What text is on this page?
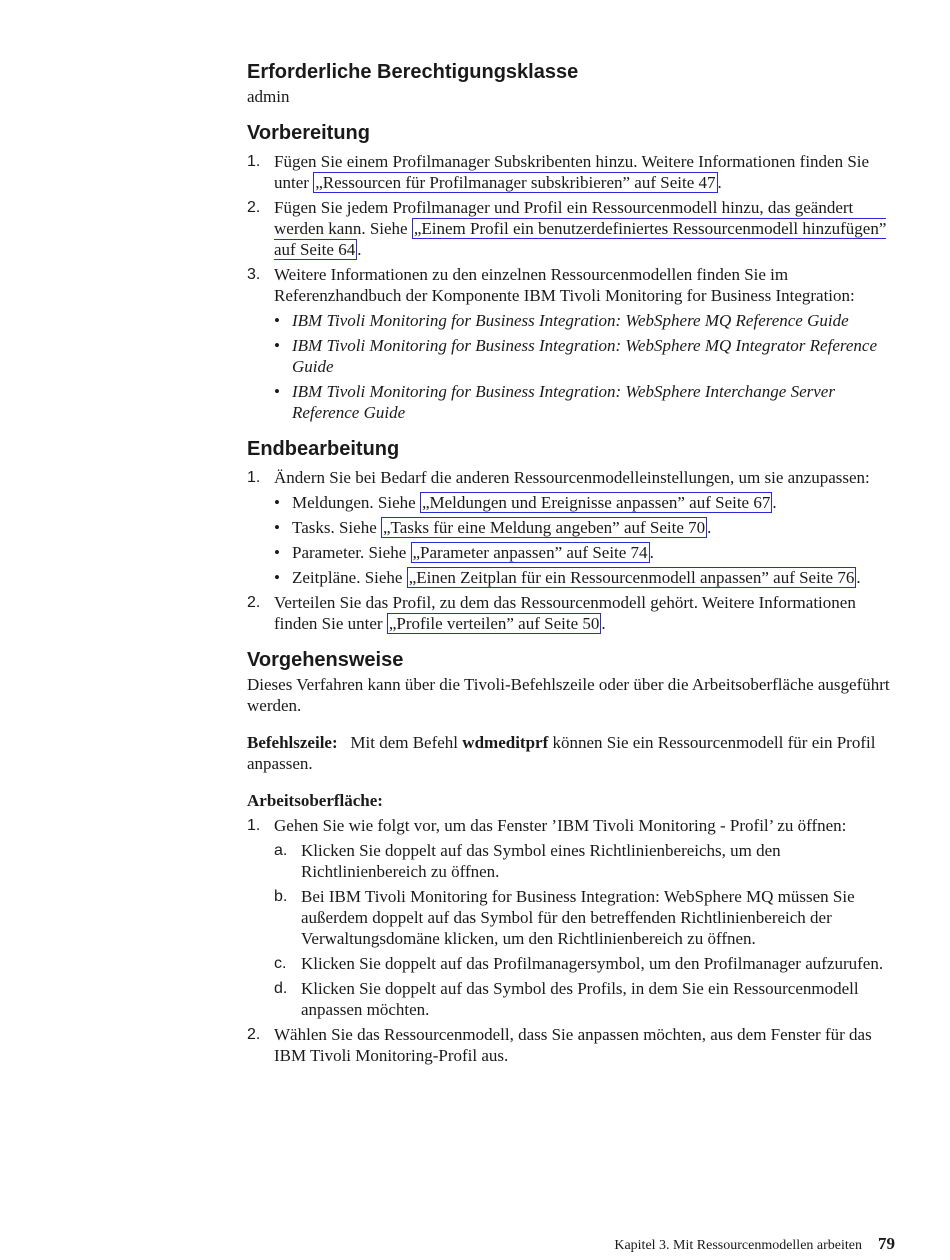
Erforderliche Berechtigungsklasse

admin

Vorbereitung
1. Fügen Sie einem Profilmanager Subskribenten hinzu. Weitere Informationen finden Sie unter „Ressourcen für Profilmanager subskribieren” auf Seite 47 .
2. Fügen Sie jedem Profilmanager und Profil ein Ressourcenmodell hinzu, das geändert werden kann. Siehe „Einem Profil ein benutzerdefiniertes Ressourcenmodell hinzufügen” auf Seite 64 .
3. Weitere Informationen zu den einzelnen Ressourcenmodellen finden Sie im Referenzhandbuch der Komponente IBM Tivoli Monitoring for Business Integration:
• IBM Tivoli Monitoring for Business Integration: WebSphere MQ Reference Guide
• IBM Tivoli Monitoring for Business Integration: WebSphere MQ Integrator Reference Guide
• IBM Tivoli Monitoring for Business Integration: WebSphere Interchange Server Reference Guide
Endbearbeitung
1. Ändern Sie bei Bedarf die anderen Ressourcenmodelleinstellungen, um sie anzupassen:
• Meldungen. Siehe „Meldungen und Ereignisse anpassen” auf Seite 67 .
• Tasks. Siehe „Tasks für eine Meldung angeben” auf Seite 70 .
• Parameter. Siehe „Parameter anpassen” auf Seite 74 .
• Zeitpläne. Siehe „Einen Zeitplan für ein Ressourcenmodell anpassen” auf Seite 76 .
2. Verteilen Sie das Profil, zu dem das Ressourcenmodell gehört. Weitere Informationen finden Sie unter „Profile verteilen” auf Seite 50 .
Vorgehensweise

Dieses Verfahren kann über die Tivoli-Befehlszeile oder über die Arbeitsoberfläche ausgeführt werden.

Befehlszeile: Mit dem Befehl wdmeditprf können Sie ein Ressourcenmodell für ein Profil anpassen.

Arbeitsoberfläche:

1. Gehen Sie wie folgt vor, um das Fenster ’IBM Tivoli Monitoring - Profil’ zu öffnen:
a. Klicken Sie doppelt auf das Symbol eines Richtlinienbereichs, um den Richtlinienbereich zu öffnen.
b. Bei IBM Tivoli Monitoring for Business Integration: WebSphere MQ müssen Sie außerdem doppelt auf das Symbol für den betreffenden Richtlinienbereich der Verwaltungsdomäne klicken, um den Richtlinienbereich zu öffnen.
c. Klicken Sie doppelt auf das Profilmanagersymbol, um den Profilmanager aufzurufen.
d. Klicken Sie doppelt auf das Symbol des Profils, in dem Sie ein Ressourcenmodell anpassen möchten.
2. Wählen Sie das Ressourcenmodell, dass Sie anpassen möchten, aus dem Fenster für das IBM Tivoli Monitoring-Profil aus.
Kapitel 3. Mit Ressourcenmodellen arbeiten 79
